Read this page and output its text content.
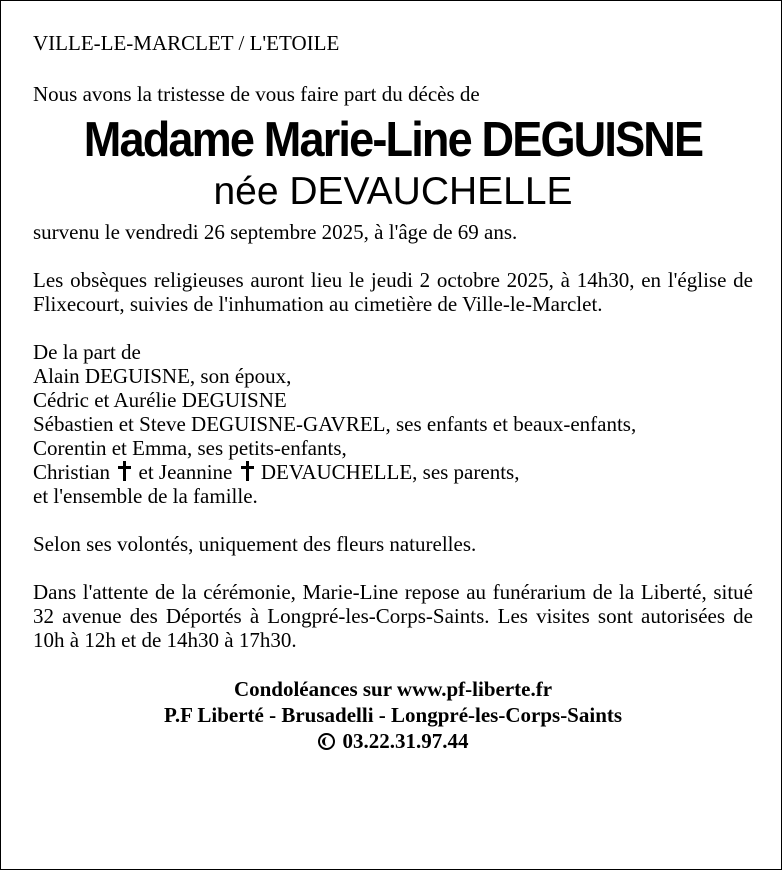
VILLE-LE-MARCLET / L'ETOILE

Nous avons la tristesse de vous faire part du décès de

Madame Marie-Line DEGUISNE
née DEVAUCHELLE

survenu le vendredi 26 septembre 2025, à l'âge de 69 ans.

Les obsèques religieuses auront lieu le jeudi 2 octobre 2025, à 14h30, en l'église de Flixecourt, suivies de l'inhumation au cimetière de Ville-le-Marclet.

De la part de
Alain DEGUISNE, son époux,
Cédric et Aurélie DEGUISNE
Sébastien et Steve DEGUISNE-GAVREL, ses enfants et beaux-enfants,
Corentin et Emma, ses petits-enfants,
Christian et Jeannine DEVAUCHELLE, ses parents,
et l'ensemble de la famille.

Selon ses volontés, uniquement des fleurs naturelles.

Dans l'attente de la cérémonie, Marie-Line repose au funérarium de la Liberté, situé 32 avenue des Déportés à Longpré-les-Corps-Saints. Les visites sont autorisées de 10h à 12h et de 14h30 à 17h30.

Condoléances sur www.pf-liberte.fr
P.F Liberté - Brusadelli - Longpré-les-Corps-Saints
03.22.31.97.44
